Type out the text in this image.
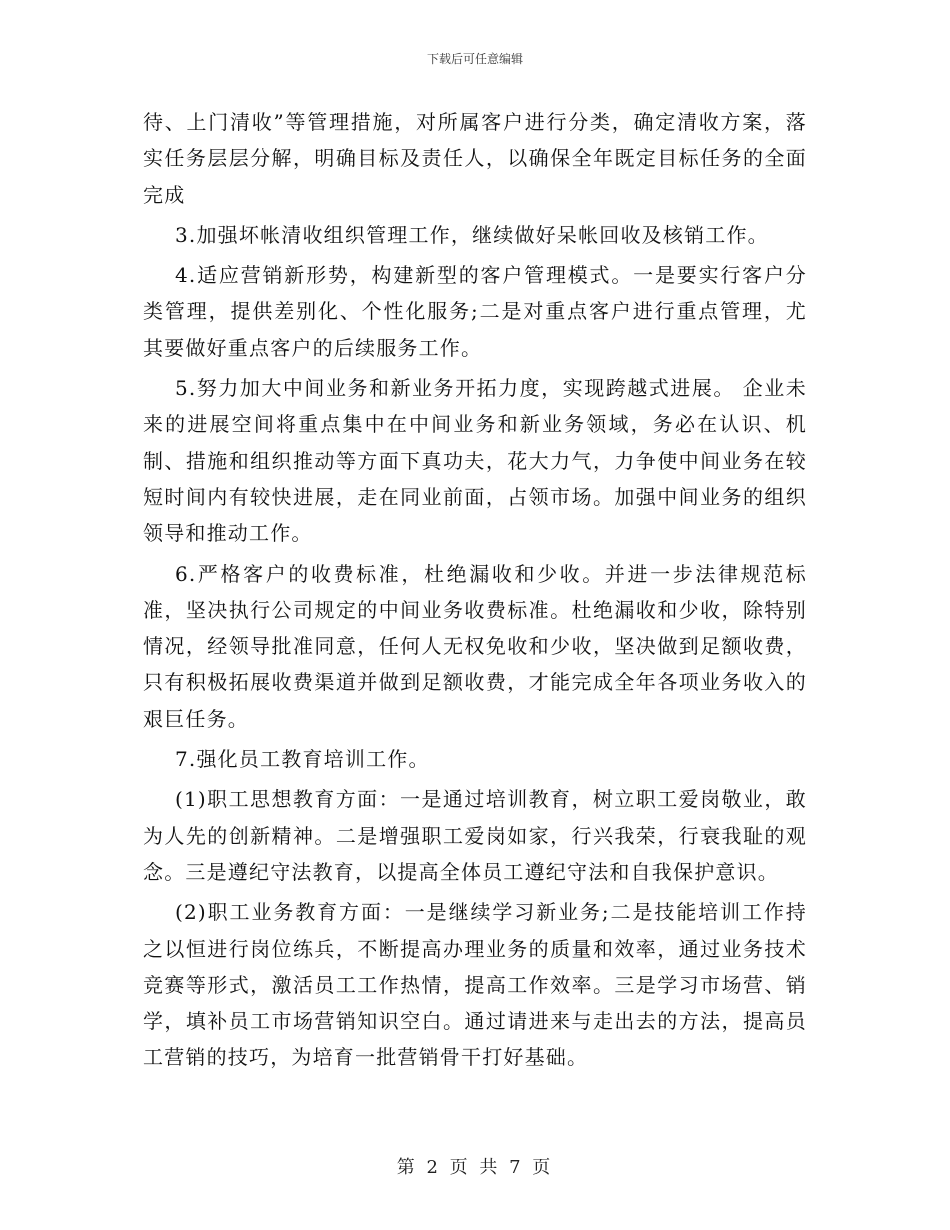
下载后可任意编辑

待、上门清收”等管理措施，对所属客户进行分类，确定清收方案，落实任务层层分解，明确目标及责任人，以确保全年既定目标任务的全面完成

3.加强坏帐清收组织管理工作，继续做好呆帐回收及核销工作。

4.适应营销新形势，构建新型的客户管理模式。一是要实行客户分类管理，提供差别化、个性化服务;二是对重点客户进行重点管理，尤其要做好重点客户的后续服务工作。

5.努力加大中间业务和新业务开拓力度，实现跨越式进展。 企业未来的进展空间将重点集中在中间业务和新业务领域，务必在认识、机制、措施和组织推动等方面下真功夫，花大力气，力争使中间业务在较短时间内有较快进展，走在同业前面，占领市场。加强中间业务的组织领导和推动工作。

6.严格客户的收费标准，杜绝漏收和少收。并进一步法律规范标准，坚决执行公司规定的中间业务收费标准。杜绝漏收和少收，除特别情况，经领导批准同意，任何人无权免收和少收，坚决做到足额收费，只有积极拓展收费渠道并做到足额收费，才能完成全年各项业务收入的艰巨任务。

7.强化员工教育培训工作。

(1)职工思想教育方面：一是通过培训教育，树立职工爱岗敬业，敢为人先的创新精神。二是增强职工爱岗如家，行兴我荣，行衰我耻的观念。三是遵纪守法教育，以提高全体员工遵纪守法和自我保护意识。

(2)职工业务教育方面：一是继续学习新业务;二是技能培训工作持之以恒进行岗位练兵，不断提高办理业务的质量和效率，通过业务技术竞赛等形式，激活员工工作热情，提高工作效率。三是学习市场营、销学，填补员工市场营销知识空白。通过请进来与走出去的方法，提高员工营销的技巧，为培育一批营销骨干打好基础。

第 2 页 共 7 页
